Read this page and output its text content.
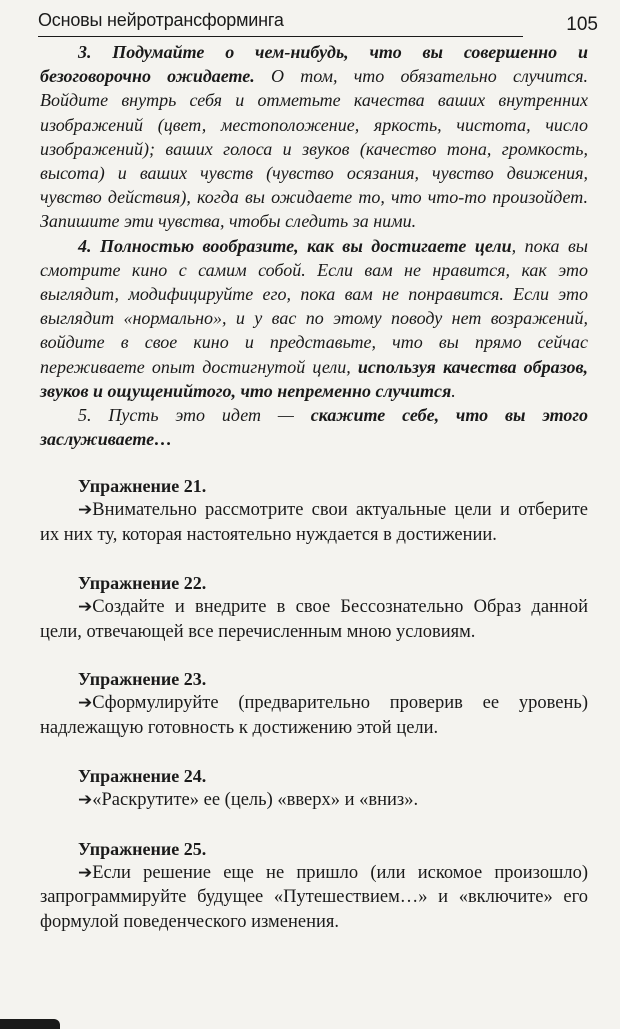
Основы нейротрансформинга	105

3. Подумайте о чем-нибудь, что вы совершенно и безоговорочно ожидаете. О том, что обязательно случится. Войдите внутрь себя и отметьте качества ваших внутренних изображений (цвет, местоположение, яркость, чистота, число изображений); ваших голоса и звуков (качество тона, громкость, высота) и ваших чувств (чувство осязания, чувство движения, чувство действия), когда вы ожидаете то, что что-то произойдет. Запишите эти чувства, чтобы следить за ними.

4. Полностью вообразите, как вы достигаете цели, пока вы смотрите кино с самим собой. Если вам не нравится, как это выглядит, модифицируйте его, пока вам не понравится. Если это выглядит «нормально», и у вас по этому поводу нет возражений, войдите в свое кино и представьте, что вы прямо сейчас переживаете опыт достигнутой цели, используя качества образов, звуков и ощущенийтого, что непременно случится.

5. Пусть это идет — скажите себе, что вы этого заслуживаете…

Упражнение 21.

➔Внимательно рассмотрите свои актуальные цели и отберите их них ту, которая настоятельно нуждается в достижении.

Упражнение 22.

➔Создайте и внедрите в свое Бессознательно Образ данной цели, отвечающей все перечисленным мною условиям.

Упражнение 23.

➔Сформулируйте (предварительно проверив ее уровень) надлежащую готовность к достижению этой цели.

Упражнение 24.

➔«Раскрутите» ее (цель) «вверх» и «вниз».

Упражнение 25.

➔Если решение еще не пришло (или искомое произошло) запрограммируйте будущее «Путешествием…» и «включите» его формулой поведенческого изменения.
